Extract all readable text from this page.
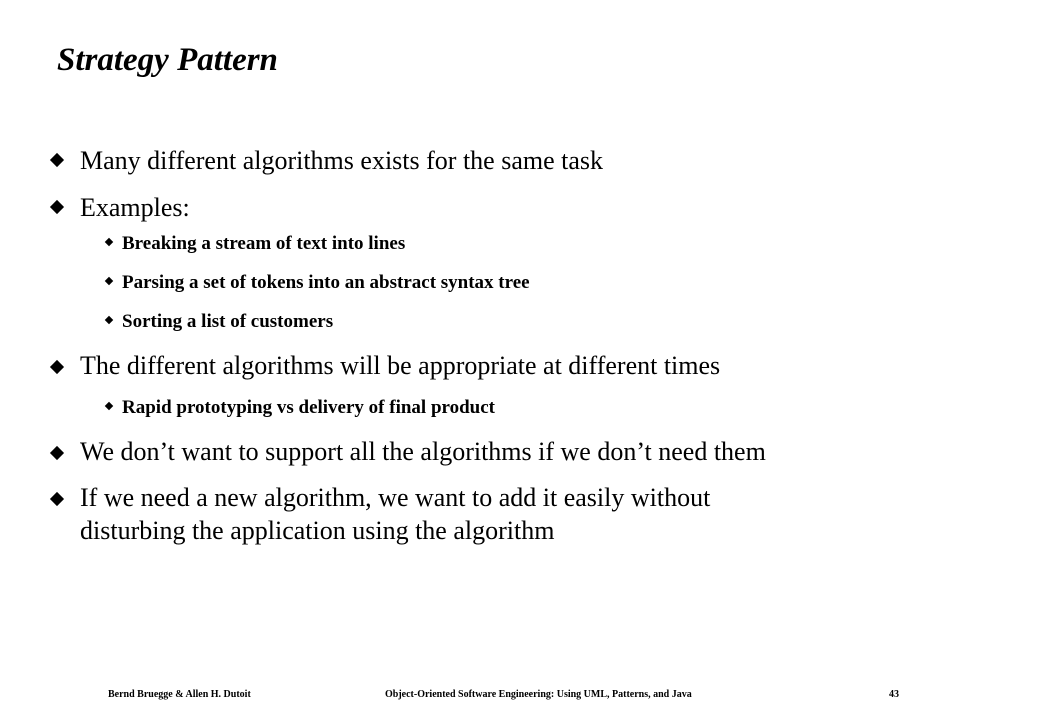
Strategy Pattern
Many different algorithms exists for the same task
Examples:
Breaking a stream of text into lines
Parsing a set of tokens into an abstract syntax tree
Sorting a list of customers
The different algorithms will be appropriate at different times
Rapid prototyping vs delivery of final product
We don’t want to support all the algorithms if we don’t need them
If we need a new algorithm, we want to add it easily without
disturbing the application using the algorithm
Bernd Bruegge & Allen H. Dutoit	Object-Oriented Software Engineering: Using UML, Patterns, and Java	43
